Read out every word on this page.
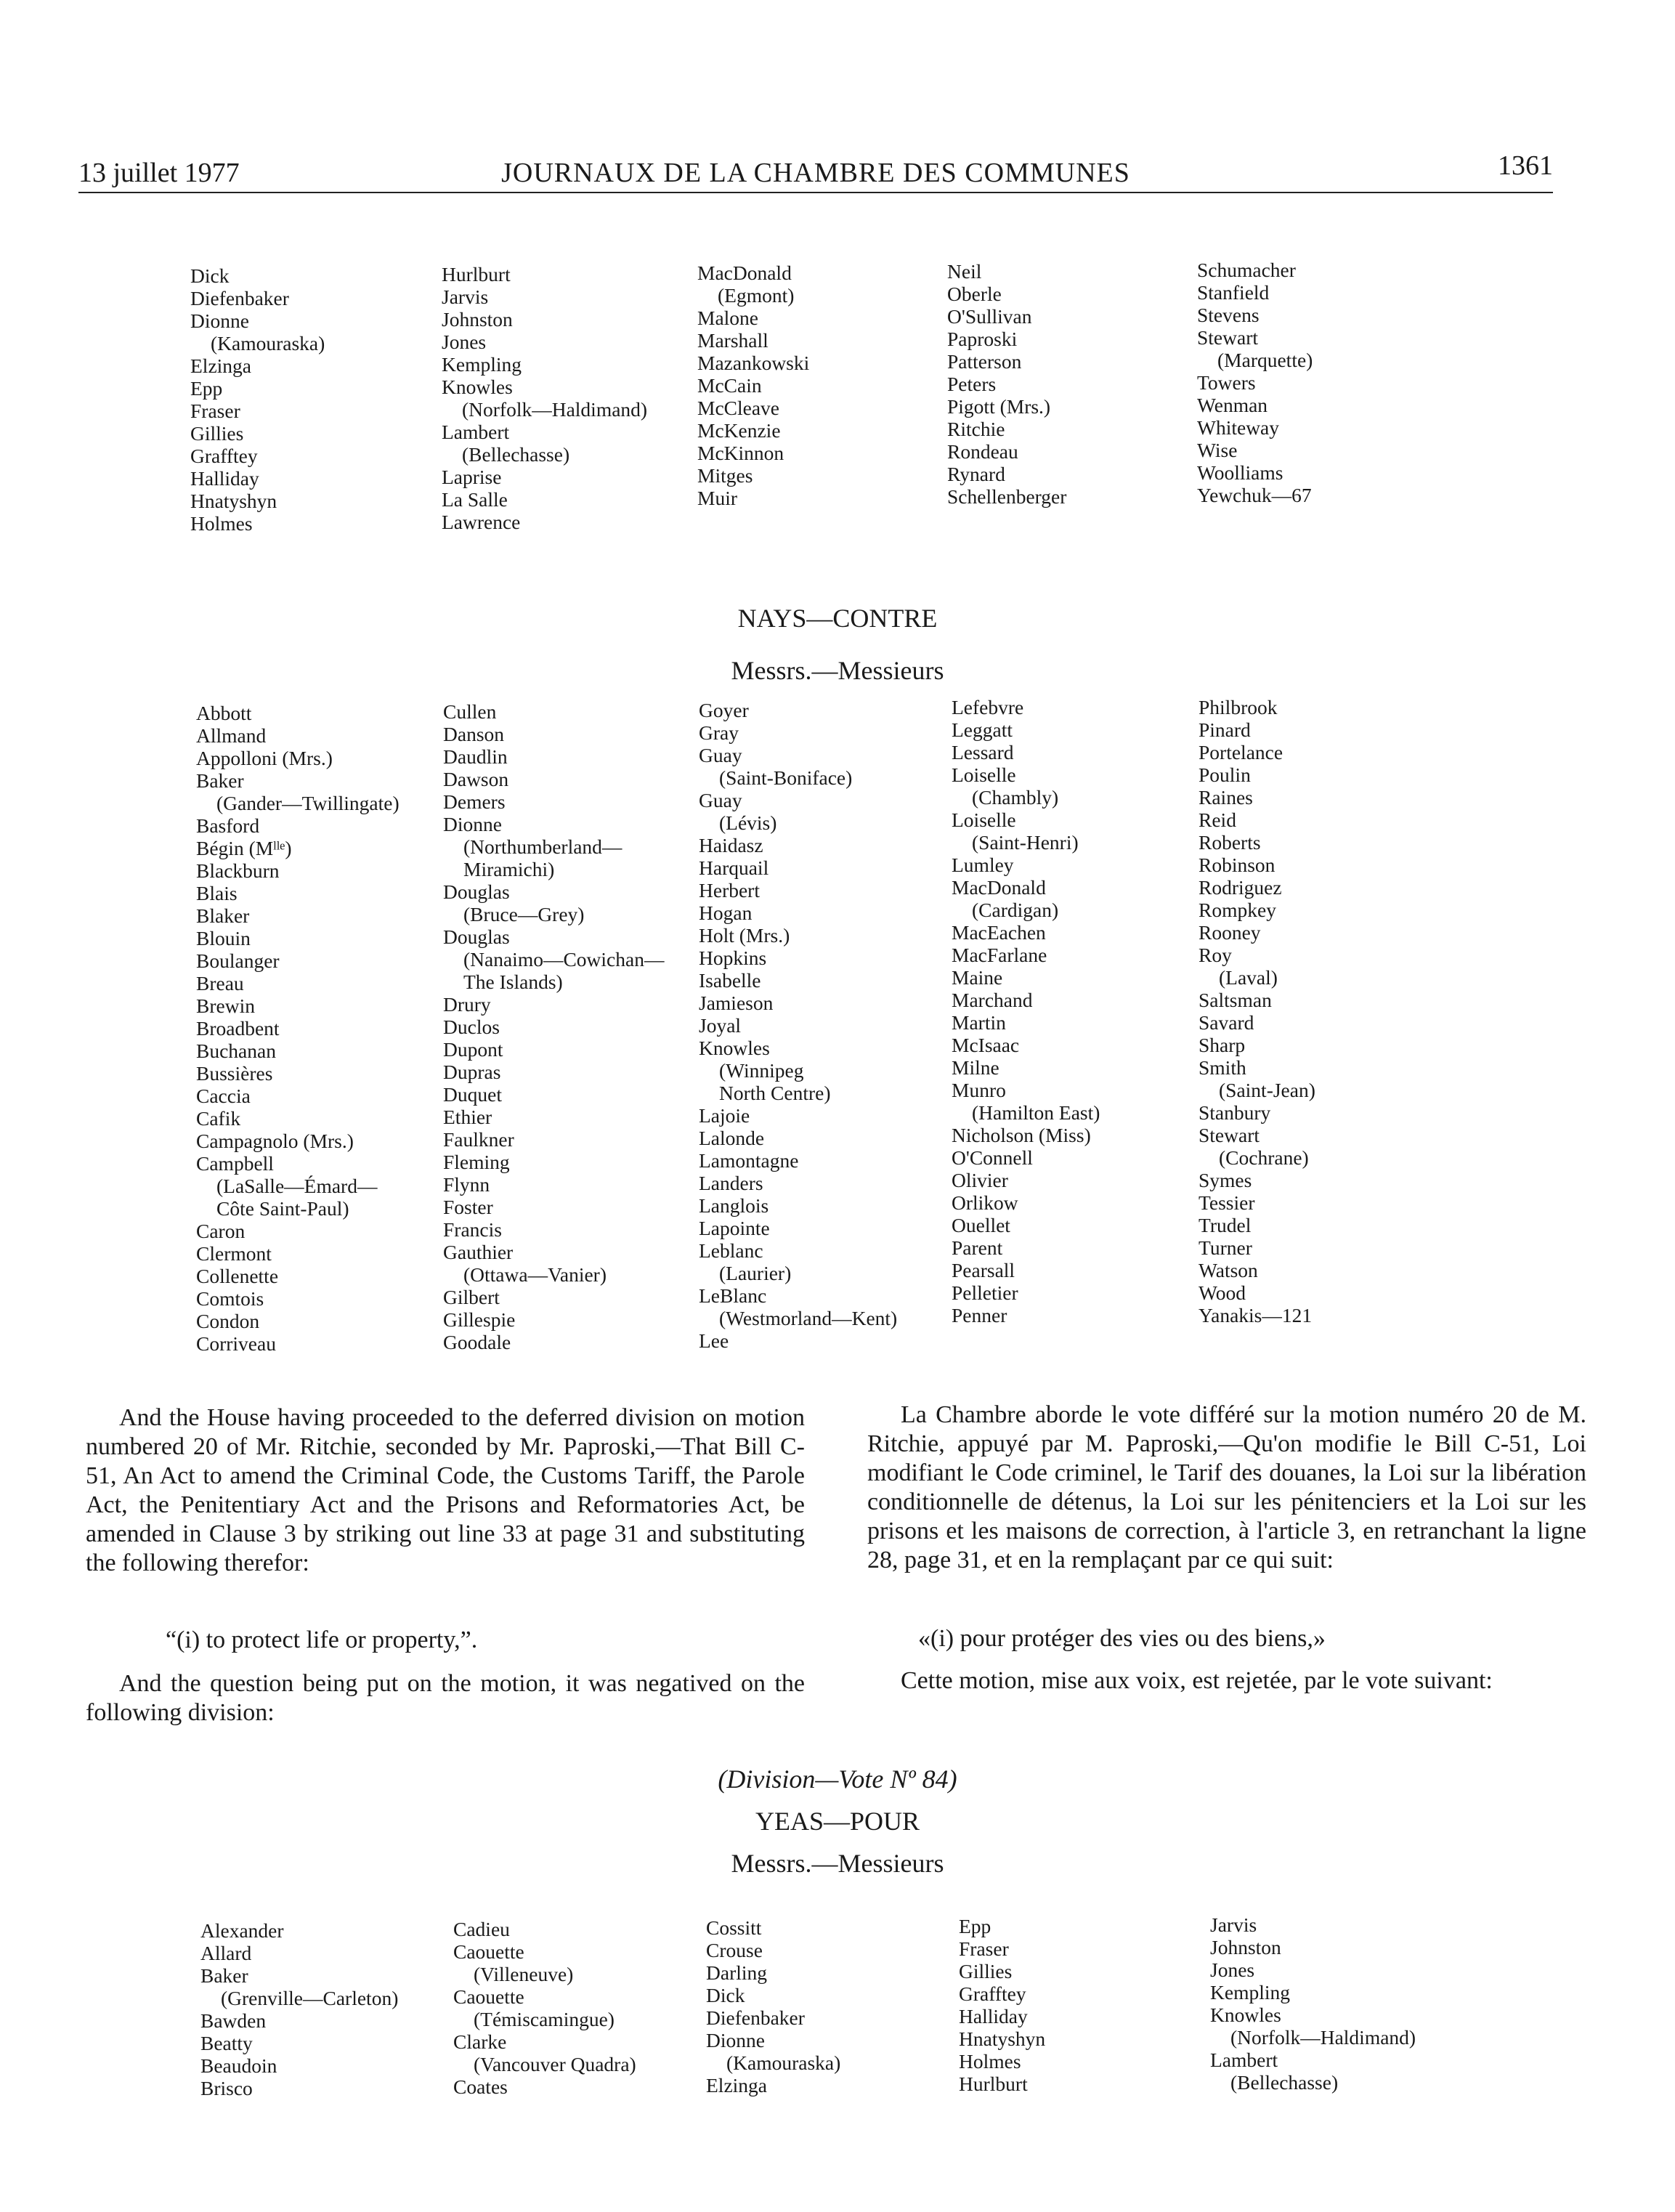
13 juillet 1977	JOURNAUX DE LA CHAMBRE DES COMMUNES	1361
Dick
Diefenbaker
Dionne
(Kamouraska)
Elzinga
Epp
Fraser
Gillies
Grafftey
Halliday
Hnatyshyn
Holmes
Hurlburt
Jarvis
Johnston
Jones
Kempling
Knowles
(Norfolk—Haldimand)
Lambert
(Bellechasse)
Laprise
La Salle
Lawrence
MacDonald
(Egmont)
Malone
Marshall
Mazankowski
McCain
McCleave
McKenzie
McKinnon
Mitges
Muir
Neil
Oberle
O'Sullivan
Paproski
Patterson
Peters
Pigott (Mrs.)
Ritchie
Rondeau
Rynard
Schellenberger
Schumacher
Stanfield
Stevens
Stewart
(Marquette)
Towers
Wenman
Whiteway
Wise
Woolliams
Yewchuk—67
NAYS—CONTRE
Messrs.—Messieurs
Abbott
Allmand
Appolloni (Mrs.)
Baker
(Gander—Twillingate)
Basford
Bégin (Mˡˡᵉ)
Blackburn
Blais
Blaker
Blouin
Boulanger
Breau
Brewin
Broadbent
Buchanan
Bussières
Caccia
Cafik
Campagnolo (Mrs.)
Campbell
(LaSalle—Émard—
Côte Saint-Paul)
Caron
Clermont
Collenette
Comtois
Condon
Corriveau
Cullen
Danson
Daudlin
Dawson
Demers
Dionne
(Northumberland—
Miramichi)
Douglas
(Bruce—Grey)
Douglas
(Nanaimo—Cowichan—
The Islands)
Drury
Duclos
Dupont
Dupras
Duquet
Ethier
Faulkner
Fleming
Flynn
Foster
Francis
Gauthier
(Ottawa—Vanier)
Gilbert
Gillespie
Goodale
Goyer
Gray
Guay
(Saint-Boniface)
Guay
(Lévis)
Haidasz
Harquail
Herbert
Hogan
Holt (Mrs.)
Hopkins
Isabelle
Jamieson
Joyal
Knowles
(Winnipeg
North Centre)
Lajoie
Lalonde
Lamontagne
Landers
Langlois
Lapointe
Leblanc
(Laurier)
LeBlanc
(Westmorland—Kent)
Lee
Lefebvre
Leggatt
Lessard
Loiselle
(Chambly)
Loiselle
(Saint-Henri)
Lumley
MacDonald
(Cardigan)
MacEachen
MacFarlane
Maine
Marchand
Martin
McIsaac
Milne
Munro
(Hamilton East)
Nicholson (Miss)
O'Connell
Olivier
Orlikow
Ouellet
Parent
Pearsall
Pelletier
Penner
Philbrook
Pinard
Portelance
Poulin
Raines
Reid
Roberts
Robinson
Rodriguez
Rompkey
Rooney
Roy
(Laval)
Saltsman
Savard
Sharp
Smith
(Saint-Jean)
Stanbury
Stewart
(Cochrane)
Symes
Tessier
Trudel
Turner
Watson
Wood
Yanakis—121
And the House having proceeded to the deferred division on motion numbered 20 of Mr. Ritchie, seconded by Mr. Paproski,—That Bill C-51, An Act to amend the Criminal Code, the Customs Tariff, the Parole Act, the Penitentiary Act and the Prisons and Reformatories Act, be amended in Clause 3 by striking out line 33 at page 31 and substituting the following therefor:
“(i) to protect life or property,”.
And the question being put on the motion, it was negatived on the following division:
La Chambre aborde le vote différé sur la motion numéro 20 de M. Ritchie, appuyé par M. Paproski,—Qu'on modifie le Bill C-51, Loi modifiant le Code criminel, le Tarif des douanes, la Loi sur la libération conditionnelle de détenus, la Loi sur les pénitenciers et la Loi sur les prisons et les maisons de correction, à l'article 3, en retranchant la ligne 28, page 31, et en la remplaçant par ce qui suit:
«(i) pour protéger des vies ou des biens,»
Cette motion, mise aux voix, est rejetée, par le vote suivant:
(Division—Vote Nº 84)
YEAS—POUR
Messrs.—Messieurs
Alexander
Allard
Baker
(Grenville—Carleton)
Bawden
Beatty
Beaudoin
Brisco
Cadieu
Caouette
(Villeneuve)
Caouette
(Témiscamingue)
Clarke
(Vancouver Quadra)
Coates
Cossitt
Crouse
Darling
Dick
Diefenbaker
Dionne
(Kamouraska)
Elzinga
Epp
Fraser
Gillies
Grafftey
Halliday
Hnatyshyn
Holmes
Hurlburt
Jarvis
Johnston
Jones
Kempling
Knowles
(Norfolk—Haldimand)
Lambert
(Bellechasse)
